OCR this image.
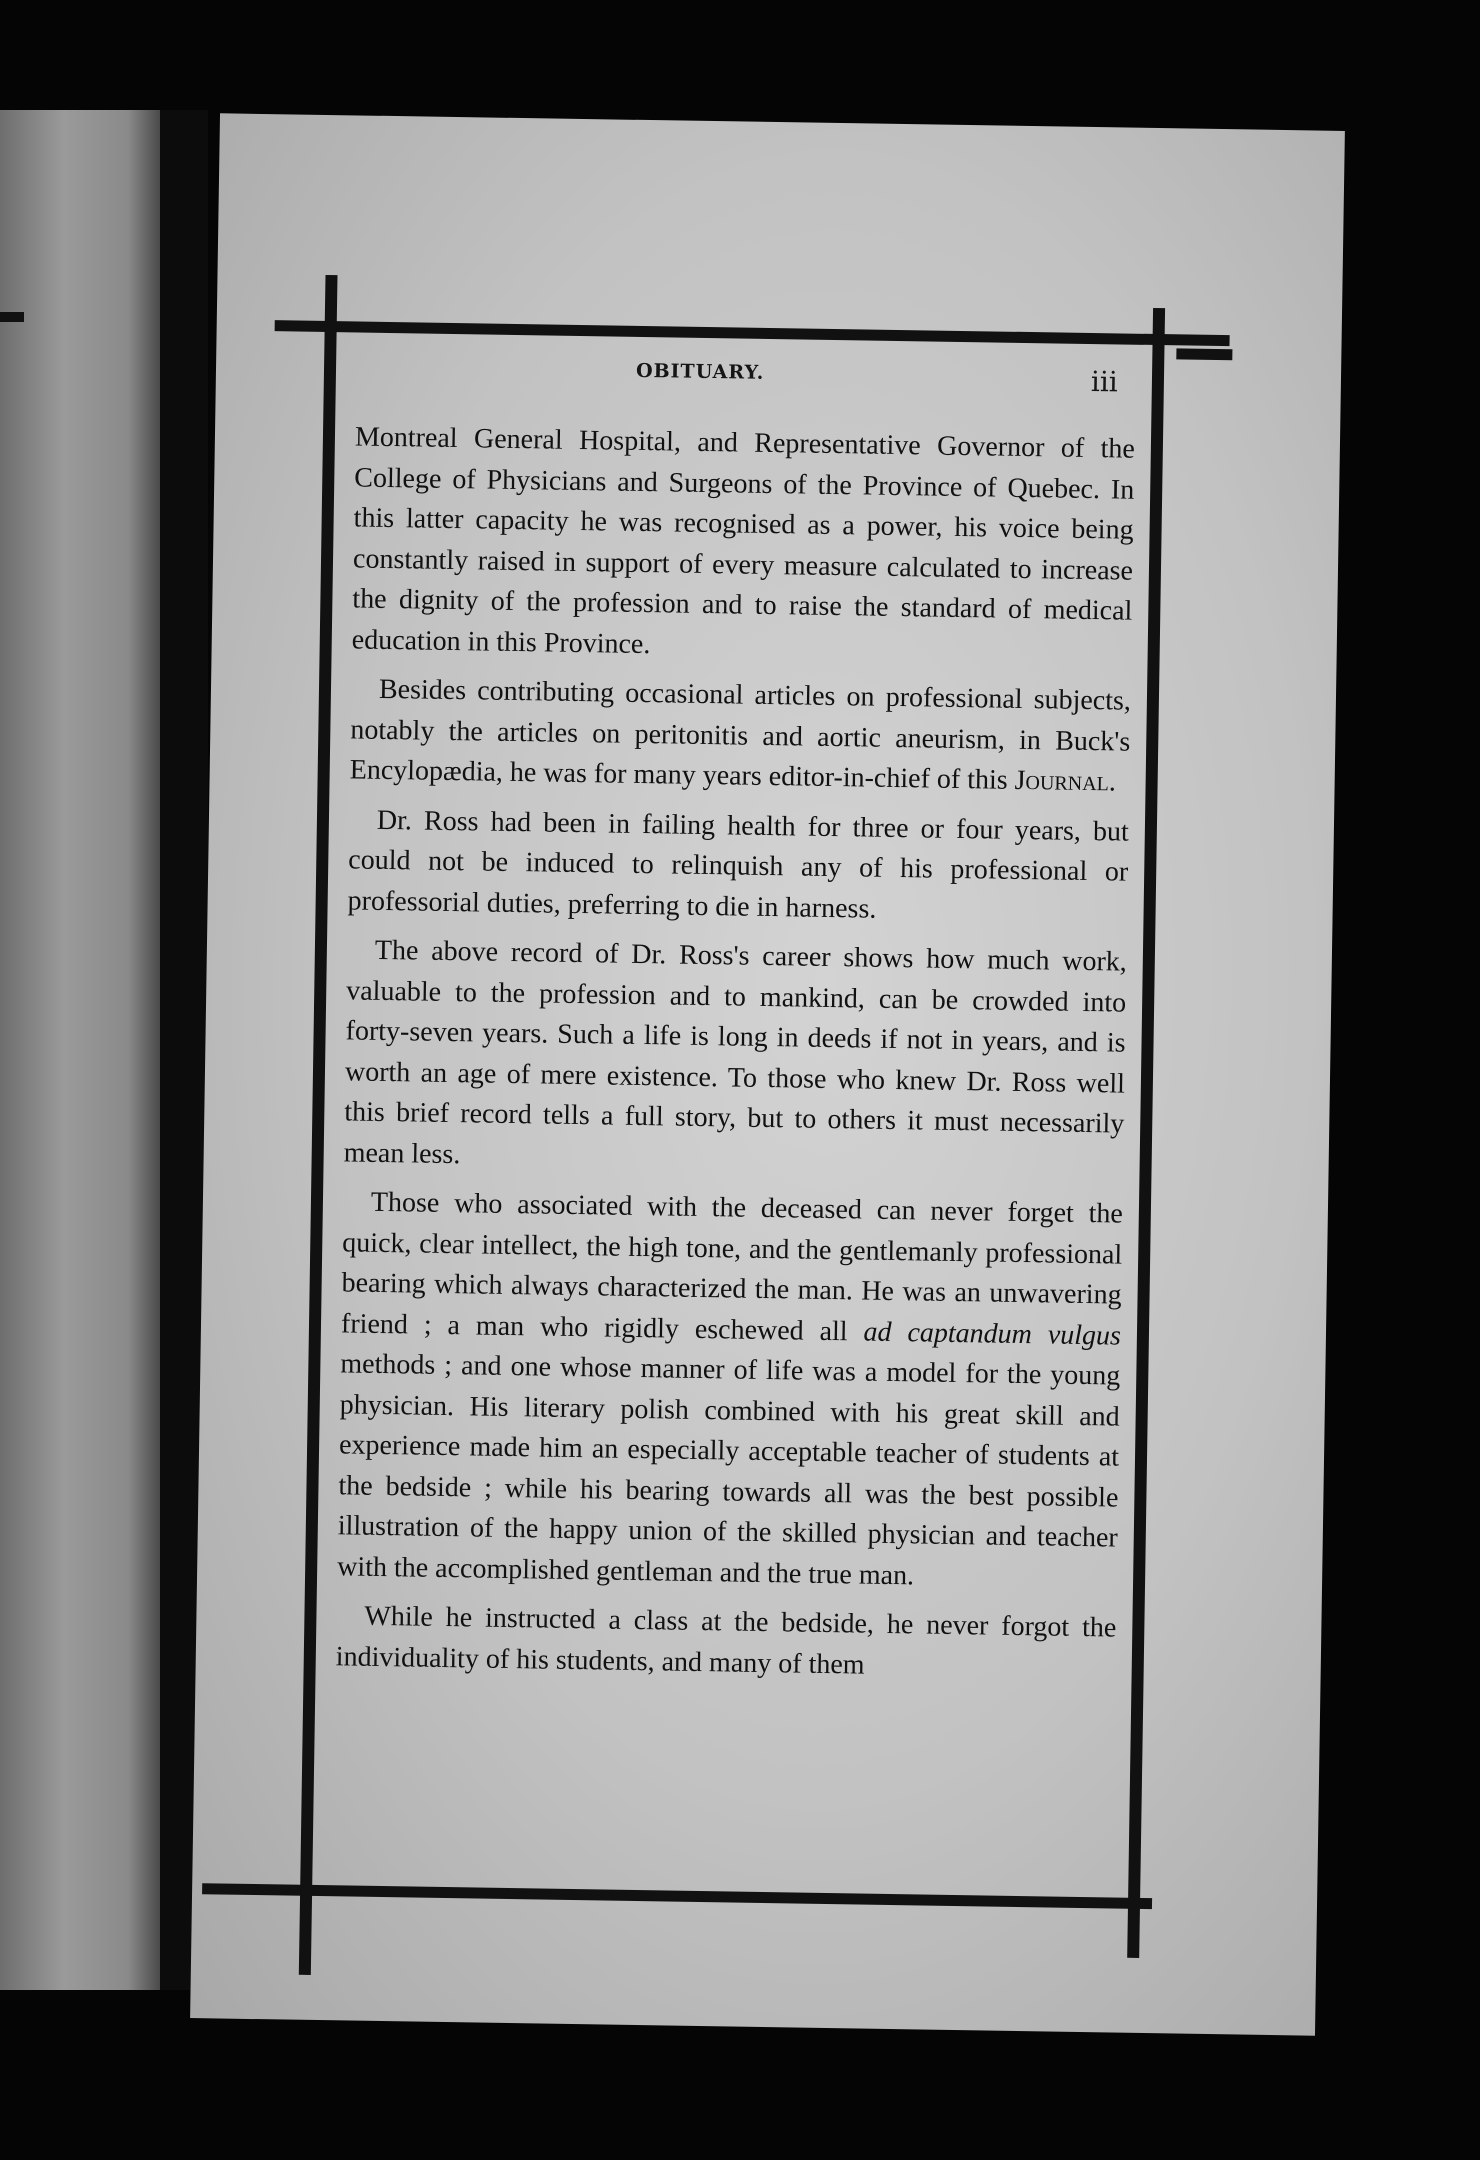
OBITUARY.	iii

Montreal General Hospital, and Representative Governor of the College of Physicians and Surgeons of the Province of Quebec. In this latter capacity he was recognised as a power, his voice being constantly raised in support of every measure calculated to increase the dignity of the profession and to raise the standard of medical education in this Province.

Besides contributing occasional articles on professional subjects, notably the articles on peritonitis and aortic aneurism, in Buck's Encylopædia, he was for many years editor-in-chief of this Journal.

Dr. Ross had been in failing health for three or four years, but could not be induced to relinquish any of his professional or professorial duties, preferring to die in harness.

The above record of Dr. Ross's career shows how much work, valuable to the profession and to mankind, can be crowded into forty-seven years. Such a life is long in deeds if not in years, and is worth an age of mere existence. To those who knew Dr. Ross well this brief record tells a full story, but to others it must necessarily mean less.

Those who associated with the deceased can never forget the quick, clear intellect, the high tone, and the gentlemanly professional bearing which always characterized the man. He was an unwavering friend ; a man who rigidly eschewed all ad captandum vulgus methods ; and one whose manner of life was a model for the young physician. His literary polish combined with his great skill and experience made him an especially acceptable teacher of students at the bedside ; while his bearing towards all was the best possible illustration of the happy union of the skilled physician and teacher with the accomplished gentleman and the true man.

While he instructed a class at the bedside, he never forgot the individuality of his students, and many of them
